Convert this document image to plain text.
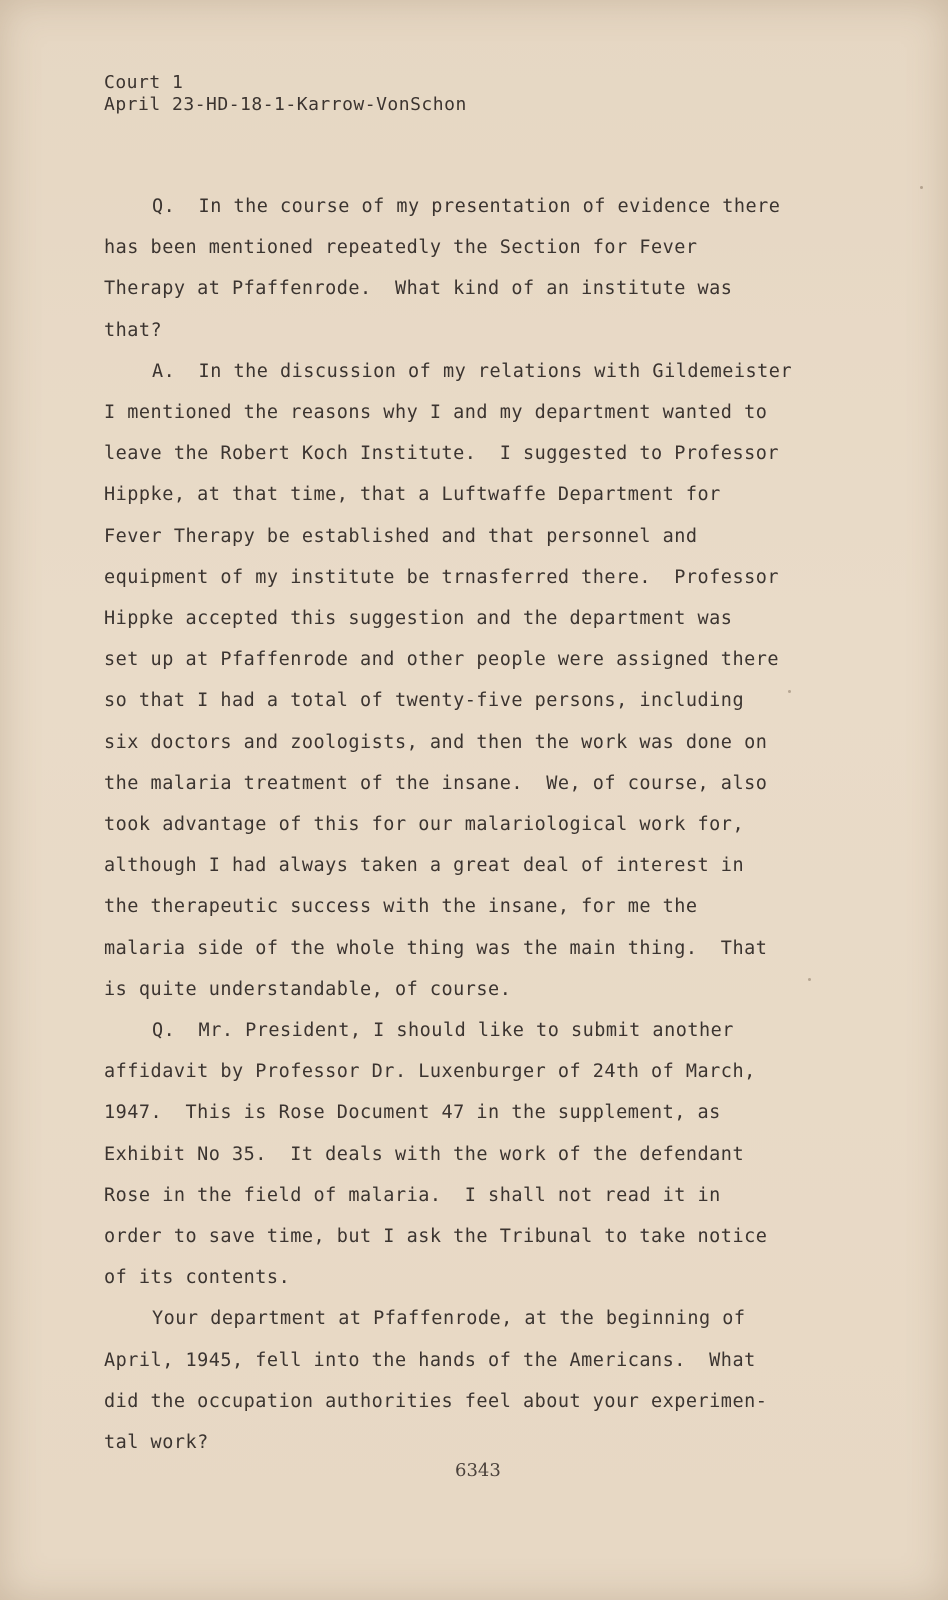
Court 1
April 23-HD-18-1-Karrow-VonSchon
Q.  In the course of my presentation of evidence there
has been mentioned repeatedly the Section for Fever
Therapy at Pfaffenrode.  What kind of an institute was
that?
A.  In the discussion of my relations with Gildemeister
I mentioned the reasons why I and my department wanted to
leave the Robert Koch Institute.  I suggested to Professor
Hippke, at that time, that a Luftwaffe Department for
Fever Therapy be established and that personnel and
equipment of my institute be trnasferred there.  Professor
Hippke accepted this suggestion and the department was
set up at Pfaffenrode and other people were assigned there
so that I had a total of twenty-five persons, including
six doctors and zoologists, and then the work was done on
the malaria treatment of the insane.  We, of course, also
took advantage of this for our malariological work for,
although I had always taken a great deal of interest in
the therapeutic success with the insane, for me the
malaria side of the whole thing was the main thing.  That
is quite understandable, of course.
Q.  Mr. President, I should like to submit another
affidavit by Professor Dr. Luxenburger of 24th of March,
1947.  This is Rose Document 47 in the supplement, as
Exhibit No 35.  It deals with the work of the defendant
Rose in the field of malaria.  I shall not read it in
order to save time, but I ask the Tribunal to take notice
of its contents.
Your department at Pfaffenrode, at the beginning of
April, 1945, fell into the hands of the Americans.  What
did the occupation authorities feel about your experimen-
tal work?
6343
